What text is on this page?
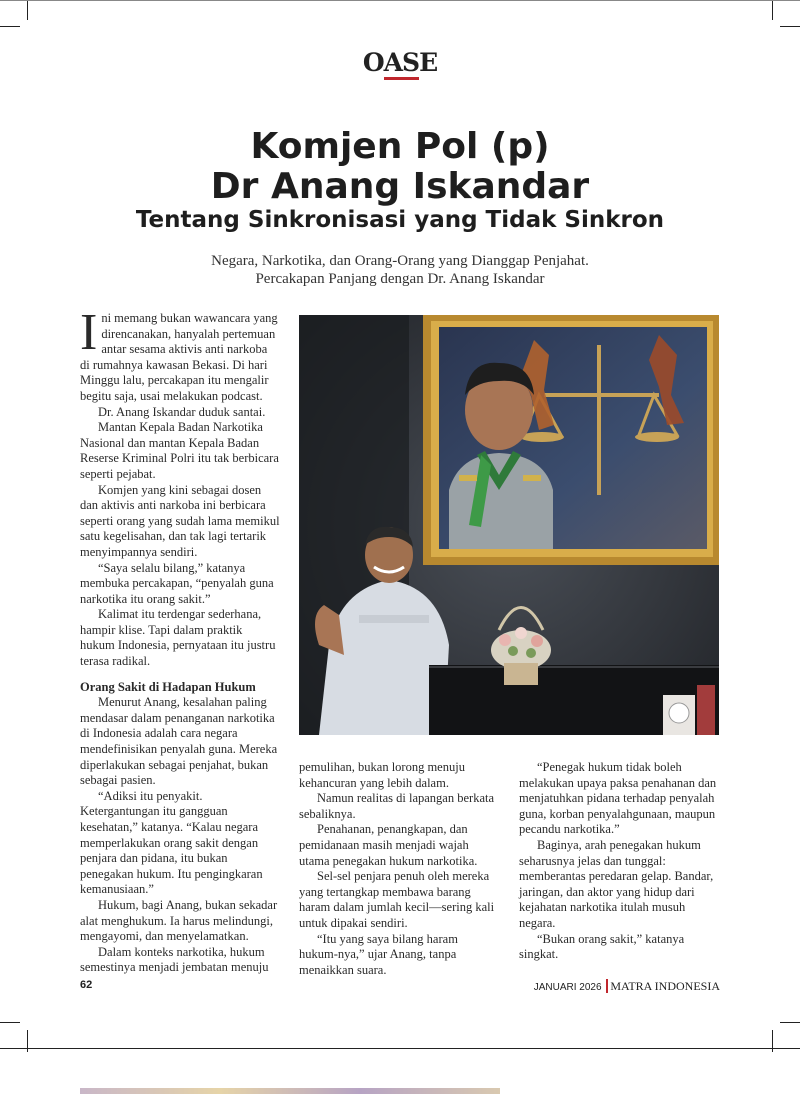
OASE
Komjen Pol (p)
Dr Anang Iskandar
Tentang Sinkronisasi yang Tidak Sinkron
Negara, Narkotika, dan Orang-Orang yang Dianggap Penjahat.
Percakapan Panjang dengan Dr. Anang Iskandar

Ini memang bukan wawancara yang direncanakan, hanyalah pertemuan antar sesama aktivis anti narkoba di rumahnya kawasan Bekasi. Di hari Minggu lalu, percakapan itu mengalir begitu saja, usai melakukan podcast.

Dr. Anang Iskandar duduk santai.

Mantan Kepala Badan Narkotika Nasional dan mantan Kepala Badan Reserse Kriminal Polri itu tak berbicara seperti pejabat.

Komjen yang kini sebagai dosen dan aktivis anti narkoba ini berbicara seperti orang yang sudah lama memikul satu kegelisahan, dan tak lagi tertarik menyimpannya sendiri.

“Saya selalu bilang,” katanya membuka percakapan, “penyalah guna narkotika itu orang sakit.”

Kalimat itu terdengar sederhana, hampir klise. Tapi dalam praktik hukum Indonesia, pernyataan itu justru terasa radikal.

Orang Sakit di Hadapan Hukum

Menurut Anang, kesalahan paling mendasar dalam penanganan narkotika di Indonesia adalah cara negara mendefinisikan penyalah guna. Mereka diperlakukan sebagai penjahat, bukan sebagai pasien.

“Adiksi itu penyakit. Ketergantungan itu gangguan kesehatan,” katanya. “Kalau negara memperlakukan orang sakit dengan penjara dan pidana, itu bukan penegakan hukum. Itu pengingkaran kemanusiaan.”

Hukum, bagi Anang, bukan sekadar alat menghukum. Ia harus melindungi, mengayomi, dan menyelamatkan.

Dalam konteks narkotika, hukum semestinya menjadi jembatan menuju

pemulihan, bukan lorong menuju kehancuran yang lebih dalam.

Namun realitas di lapangan berkata sebaliknya.

Penahanan, penangkapan, dan pemidanaan masih menjadi wajah utama penegakan hukum narkotika.

Sel-sel penjara penuh oleh mereka yang tertangkap membawa barang haram dalam jumlah kecil—sering kali untuk dipakai sendiri.

“Itu yang saya bilang haram hukum-nya,” ujar Anang, tanpa menaikkan suara.

“Penegak hukum tidak boleh melakukan upaya paksa penahanan dan menjatuhkan pidana terhadap penyalah guna, korban penyalahgunaan, maupun pecandu narkotika.”

Baginya, arah penegakan hukum seharusnya jelas dan tunggal: memberantas peredaran gelap. Bandar, jaringan, dan aktor yang hidup dari kejahatan narkotika itulah musuh negara.

“Bukan orang sakit,” katanya singkat.

62	JANUARI 2026 MATRA INDONESIA
